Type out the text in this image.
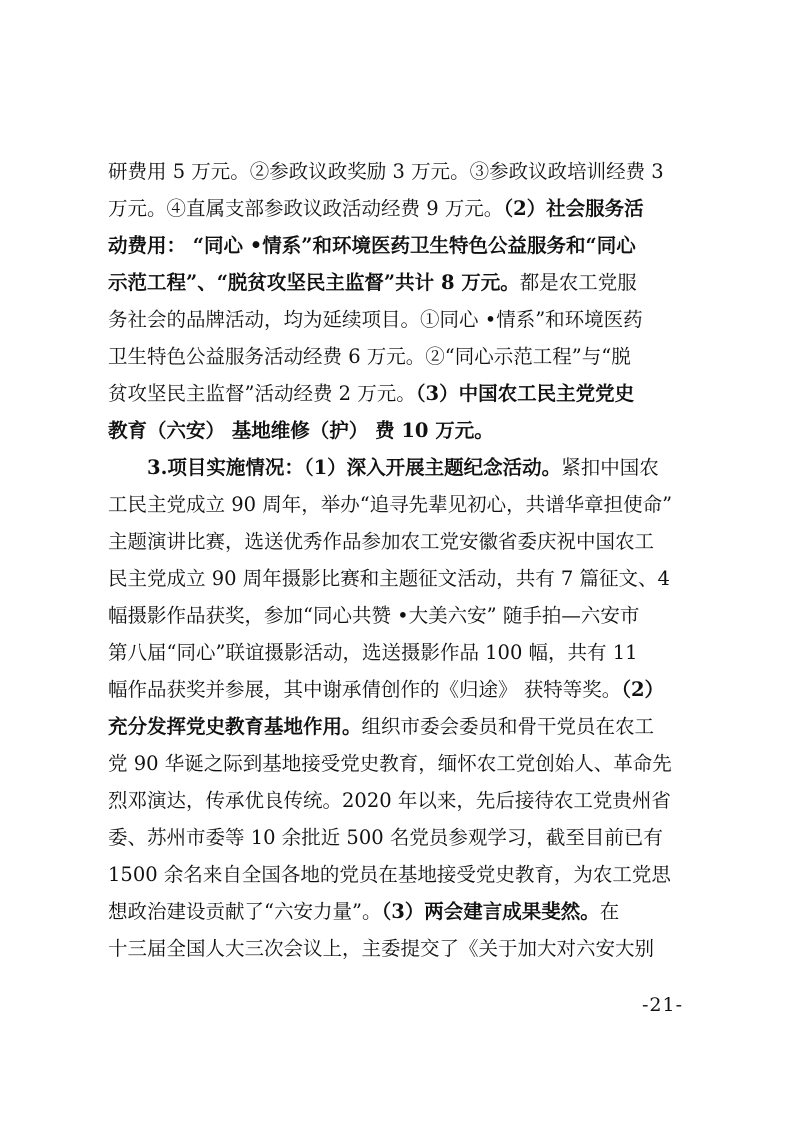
研费用 5 万元。②参政议政奖励 3 万元。③参政议政培训经费 3
万元。④直属支部参政议政活动经费 9 万元。（2）社会服务活
动费用： “同心 •情系”和环境医药卫生特色公益服务和“同心
示范工程”、“脱贫攻坚民主监督”共计 8 万元。都是农工党服
务社会的品牌活动，均为延续项目。①同心 •情系”和环境医药
卫生特色公益服务活动经费 6 万元。②“同心示范工程”与“脱
贫攻坚民主监督”活动经费 2 万元。（3）中国农工民主党党史
教育（六安） 基地维修（护） 费 10 万元。
3.项目实施情况：（1）深入开展主题纪念活动。紧扣中国农
工民主党成立 90 周年，举办“追寻先辈见初心，共谱华章担使命”
主题演讲比赛，选送优秀作品参加农工党安徽省委庆祝中国农工
民主党成立 90 周年摄影比赛和主题征文活动，共有 7 篇征文、4
幅摄影作品获奖，参加“同心共赞 •大美六安” 随手拍—六安市
第八届“同心”联谊摄影活动，选送摄影作品 100 幅，共有 11
幅作品获奖并参展，其中谢承倩创作的《归途》 获特等奖。（2）
充分发挥党史教育基地作用。组织市委会委员和骨干党员在农工
党 90 华诞之际到基地接受党史教育，缅怀农工党创始人、革命先
烈邓演达，传承优良传统。2020 年以来，先后接待农工党贵州省
委、苏州市委等 10 余批近 500 名党员参观学习，截至目前已有
1500 余名来自全国各地的党员在基地接受党史教育，为农工党思
想政治建设贡献了“六安力量”。（3）两会建言成果斐然。在
十三届全国人大三次会议上，主委提交了《关于加大对六安大别
-21-
